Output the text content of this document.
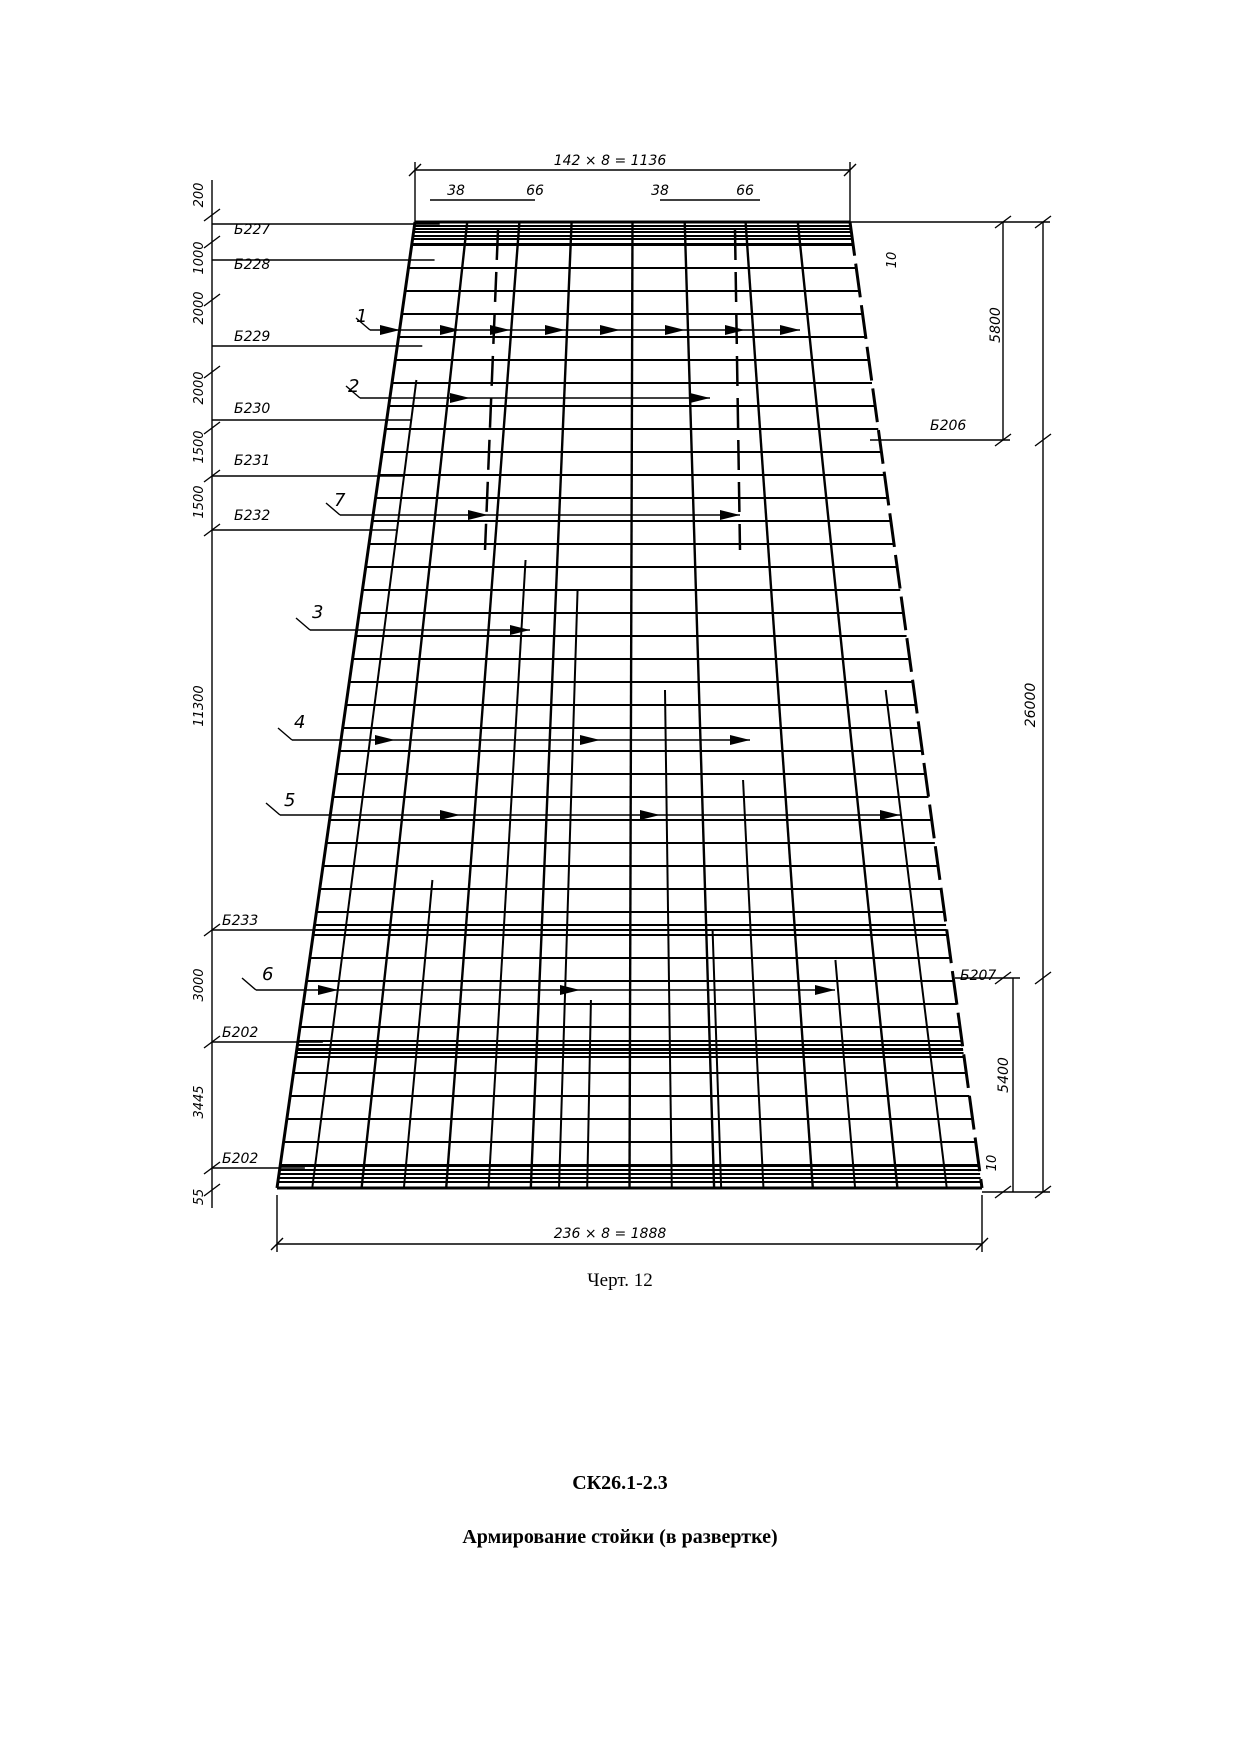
142 × 8 = 1136
236 × 8 = 1888
38	66	38	66
200
1000
2000
2000
1500
1500
11300
3000
3445
55
10
5800
26000
5400
10
Б227
Б228
Б229
Б230
Б231
Б232
Б233
Б202
Б202
Б206
Б207
1
2
7
3
4
5
6
Черт. 12
СК26.1-2.3
Армирование стойки (в развертке)
